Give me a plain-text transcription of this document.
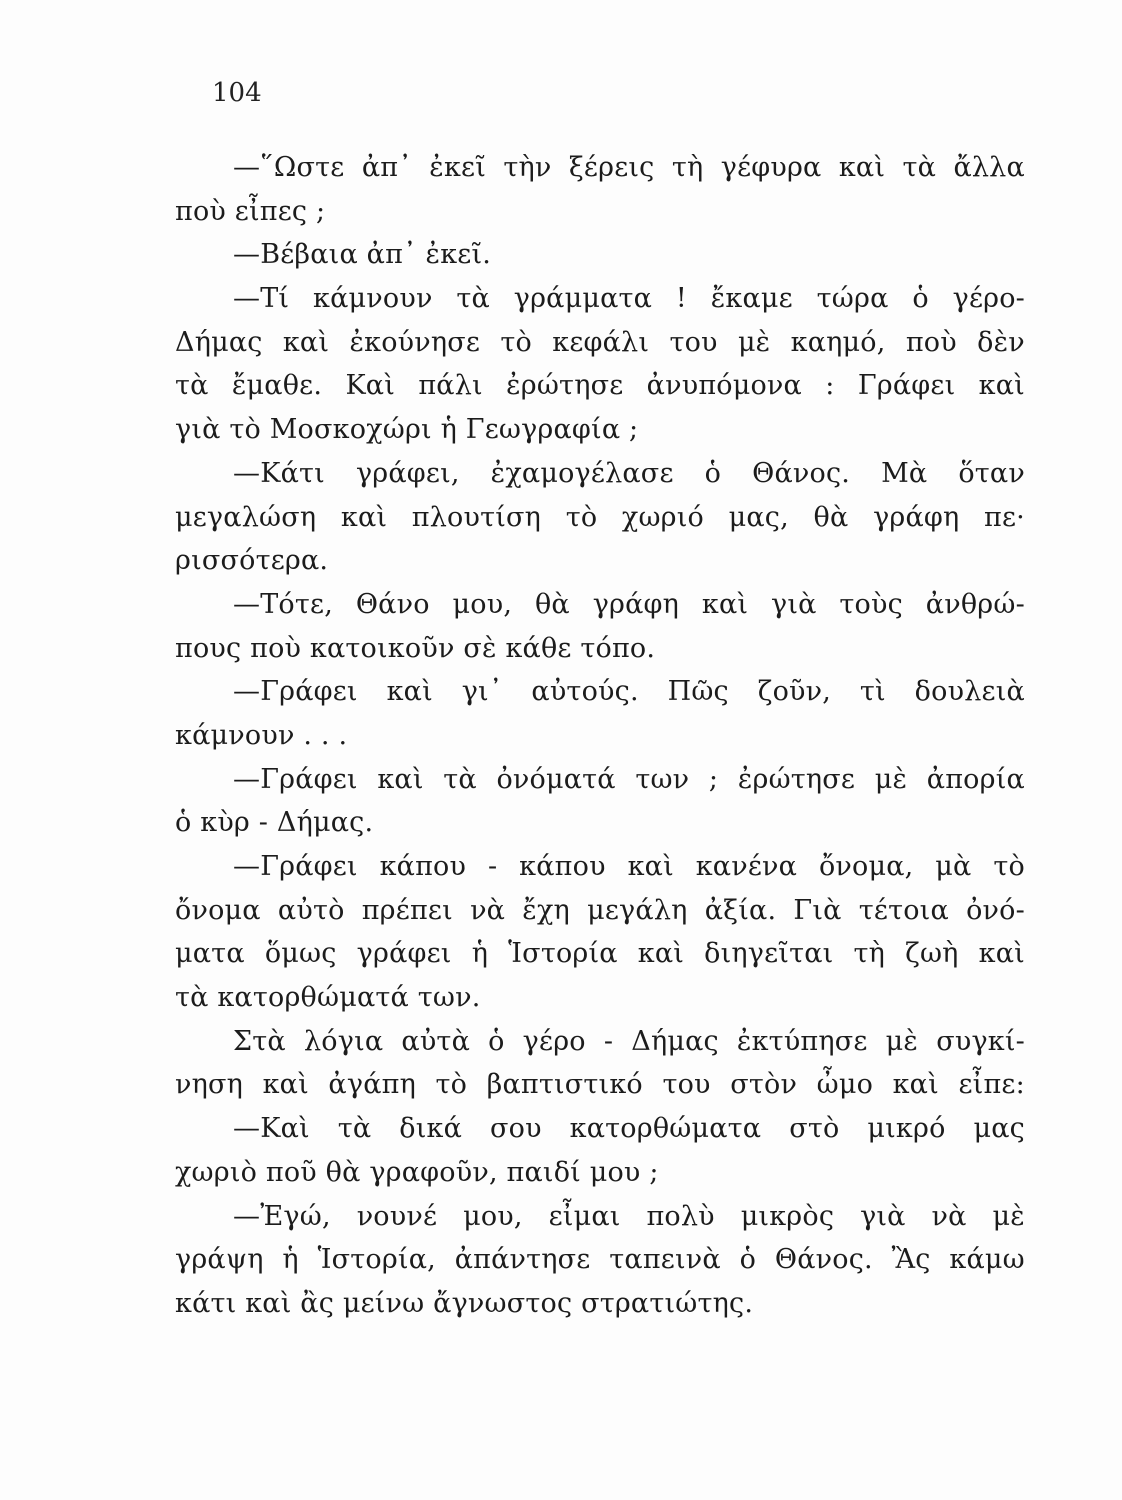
104
—῞Ωστε ἀπ᾽ ἐκεῖ τὴν ξέρεις τὴ γέφυρα καὶ τὰ ἄλλα
ποὺ εἶπες ;
—Βέβαια ἀπ᾽ ἐκεῖ.
—Τί κάμνουν τὰ γράμματα ! ἔκαμε τώρα ὁ γέρο-
Δήμας καὶ ἐκούνησε τὸ κεφάλι του μὲ καημό, ποὺ δὲν
τὰ ἔμαθε. Καὶ πάλι ἐρώτησε ἀνυπόμονα : Γράφει καὶ
γιὰ τὸ Μοσκοχώρι ἡ Γεωγραφία ;
—Κάτι γράφει, ἐχαμογέλασε ὁ Θάνος. Μὰ ὅταν
μεγαλώση καὶ πλουτίση τὸ χωριό μας, θὰ γράφη πε·
ρισσότερα.
—Τότε, Θάνο μου, θὰ γράφη καὶ γιὰ τοὺς ἀνθρώ-
πους ποὺ κατοικοῦν σὲ κάθε τόπο.
—Γράφει καὶ γι᾽ αὐτούς. Πῶς ζοῦν, τὶ δουλειὰ
κάμνουν . . .
—Γράφει καὶ τὰ ὀνόματά των ; ἐρώτησε μὲ ἀπορία
ὁ κὺρ - Δήμας.
—Γράφει κάπου - κάπου καὶ κανένα ὄνομα, μὰ τὸ
ὄνομα αὐτὸ πρέπει νὰ ἔχη μεγάλη ἀξία. Γιὰ τέτοια ὀνό-
ματα ὅμως γράφει ἡ Ἱστορία καὶ διηγεῖται τὴ ζωὴ καὶ
τὰ κατορθώματά των.
Στὰ λόγια αὐτὰ ὁ γέρο - Δήμας ἐκτύπησε μὲ συγκί-
νηση καὶ ἀγάπη τὸ βαπτιστικό του στὸν ὦμο καὶ εἶπε:
—Καὶ τὰ δικά σου κατορθώματα στὸ μικρό μας
χωριὸ ποῦ θὰ γραφοῦν, παιδί μου ;
—Ἐγώ, νουνέ μου, εἶμαι πολὺ μικρὸς γιὰ νὰ μὲ
γράψη ἡ Ἱστορία, ἀπάντησε ταπεινὰ ὁ Θάνος. Ἂς κάμω
κάτι καὶ ἂς μείνω ἄγνωστος στρατιώτης.
